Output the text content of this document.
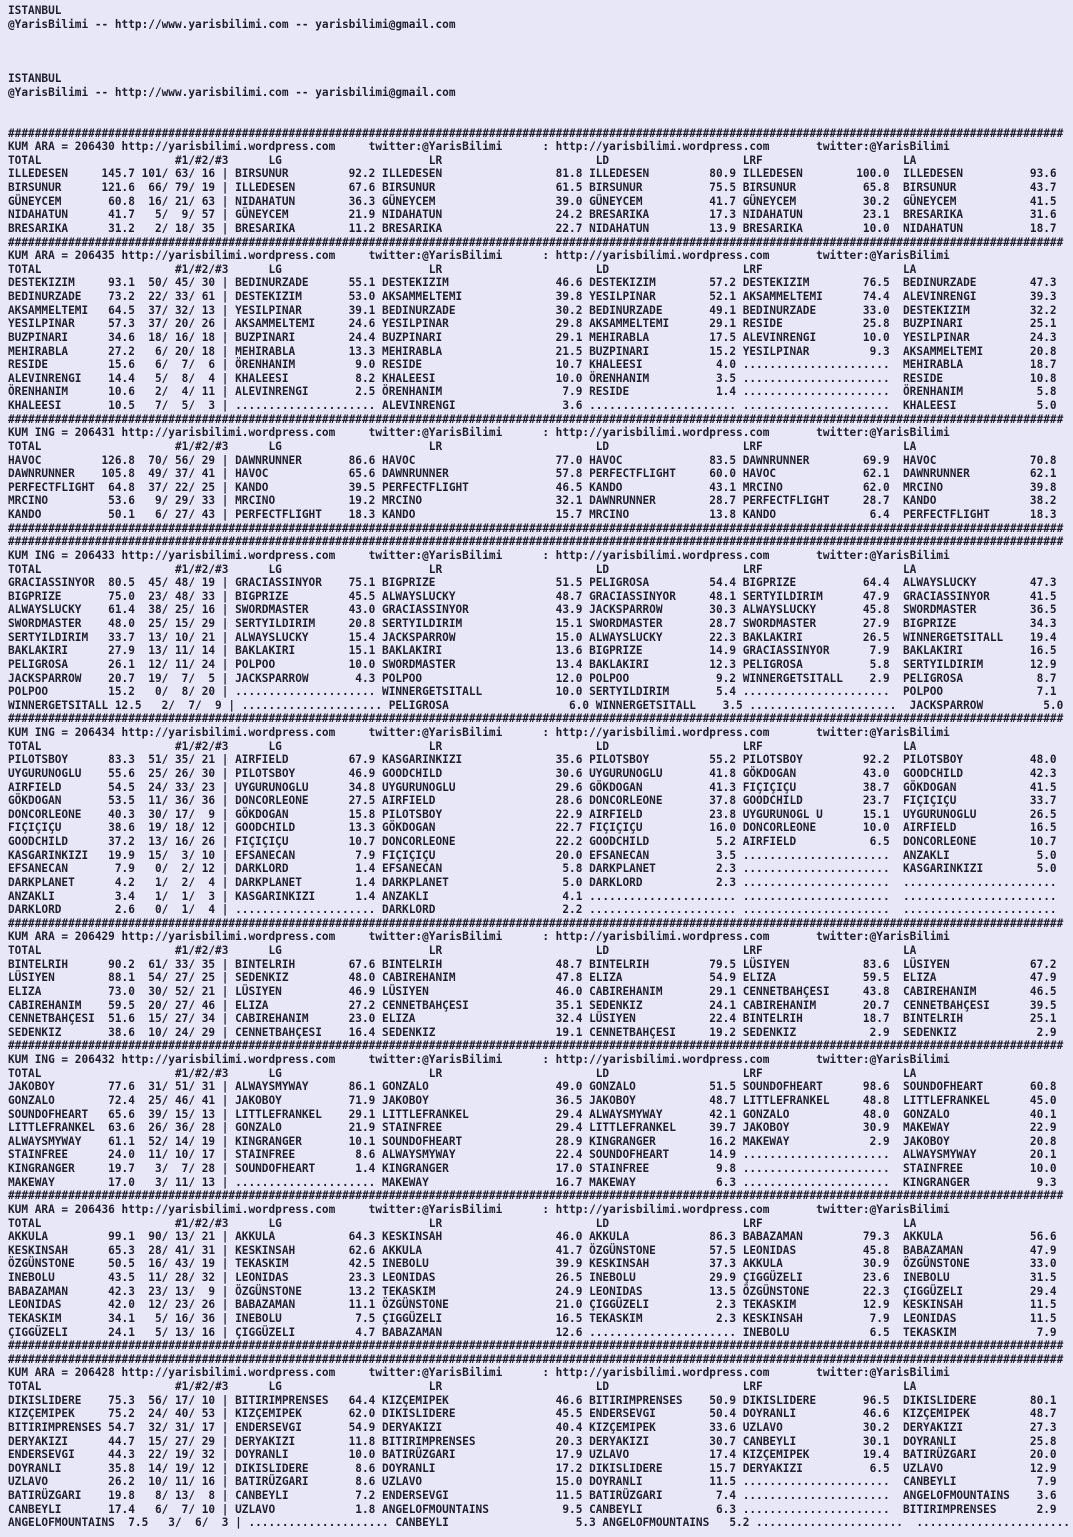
ISTANBUL
@YarisBilimi -- http://www.yarisbilimi.com -- yarisbilimi@gmail.com
ISTANBUL
@YarisBilimi -- http://www.yarisbilimi.com -- yarisbilimi@gmail.com
##############################################################################################################################################################
KUM ARA = 206430 http://yarisbilimi.wordpress.com     twitter:@YarisBilimi      : http://yarisbilimi.wordpress.com       twitter:@YarisBilimi
TOTAL                    #1/#2/#3      LG                      LR                       LD                    LRF                     LA
ILLEDESEN     145.7 101/ 63/ 16 | BIRSUNUR         92.2 ILLEDESEN                 81.8 ILLEDESEN         80.9 ILLEDESEN        100.0  ILLEDESEN          93.6
BIRSUNUR      121.6  66/ 79/ 19 | ILLEDESEN        67.6 BIRSUNUR                  61.5 BIRSUNUR          75.5 BIRSUNUR          65.8  BIRSUNUR           43.7
GÜNEYCEM       60.8  16/ 21/ 63 | NIDAHATUN        36.3 GÜNEYCEM                  39.0 GÜNEYCEM          41.7 GÜNEYCEM          30.2  GÜNEYCEM           41.5
NIDAHATUN      41.7   5/  9/ 57 | GÜNEYCEM         21.9 NIDAHATUN                 24.2 BRESARIKA         17.3 NIDAHATUN         23.1  BRESARIKA          31.6
BRESARIKA      31.2   2/ 18/ 35 | BRESARIKA        11.2 BRESARIKA                 22.7 NIDAHATUN         13.9 BRESARIKA         10.0  NIDAHATUN          18.7
##############################################################################################################################################################
KUM ARA = 206435 http://yarisbilimi.wordpress.com     twitter:@YarisBilimi      : http://yarisbilimi.wordpress.com       twitter:@YarisBilimi
TOTAL                    #1/#2/#3      LG                      LR                       LD                    LRF                     LA
DESTEKIZIM     93.1  50/ 45/ 30 | BEDINURZADE      55.1 DESTEKIZIM                46.6 DESTEKIZIM        57.2 DESTEKIZIM        76.5  BEDINURZADE        47.3
BEDINURZADE    73.2  22/ 33/ 61 | DESTEKIZIM       53.0 AKSAMMELTEMI              39.8 YESILPINAR        52.1 AKSAMMELTEMI      74.4  ALEVINRENGI        39.3
AKSAMMELTEMI   64.5  37/ 32/ 13 | YESILPINAR       39.1 BEDINURZADE               30.2 BEDINURZADE       49.1 BEDINURZADE       33.0  DESTEKIZIM         32.2
YESILPINAR     57.3  37/ 20/ 26 | AKSAMMELTEMI     24.6 YESILPINAR                29.8 AKSAMMELTEMI      29.1 RESIDE            25.8  BUZPINARI          25.1
BUZPINARI      34.6  18/ 16/ 18 | BUZPINARI        24.4 BUZPINARI                 29.1 MEHIRABLA         17.5 ALEVINRENGI       10.0  YESILPINAR         24.3
MEHIRABLA      27.2   6/ 20/ 18 | MEHIRABLA        13.3 MEHIRABLA                 21.5 BUZPINARI         15.2 YESILPINAR         9.3  AKSAMMELTEMI       20.8
RESIDE         15.6   6/  7/  6 | ÖRENHANIM         9.0 RESIDE                    10.7 KHALEESI           4.0 ......................  MEHIRABLA          18.7
ALEVINRENGI    14.4   5/  8/  4 | KHALEESI          8.2 KHALEESI                  10.0 ÖRENHANIM          3.5 ......................  RESIDE             10.8
ÖRENHANIM      10.6   2/  4/ 11 | ALEVINRENGI       2.5 ÖRENHANIM                  7.9 RESIDE             1.4 ......................  ÖRENHANIM           5.8
KHALEESI       10.5   7/  5/  3 | ..................... ALEVINRENGI                3.6 ...................... ......................  KHALEESI            5.0
##############################################################################################################################################################
KUM ING = 206431 http://yarisbilimi.wordpress.com     twitter:@YarisBilimi      : http://yarisbilimi.wordpress.com       twitter:@YarisBilimi
TOTAL                    #1/#2/#3      LG                      LR                       LD                    LRF                     LA
HAVOC         126.8  70/ 56/ 29 | DAWNRUNNER       86.6 HAVOC                     77.0 HAVOC             83.5 DAWNRUNNER        69.9  HAVOC              70.8
DAWNRUNNER    105.8  49/ 37/ 41 | HAVOC            65.6 DAWNRUNNER                57.8 PERFECTFLIGHT     60.0 HAVOC             62.1  DAWNRUNNER         62.1
PERFECTFLIGHT  64.8  37/ 22/ 25 | KANDO            39.5 PERFECTFLIGHT             46.5 KANDO             43.1 MRCINO            62.0  MRCINO             39.8
MRCINO         53.6   9/ 29/ 33 | MRCINO           19.2 MRCINO                    32.1 DAWNRUNNER        28.7 PERFECTFLIGHT     28.7  KANDO              38.2
KANDO          50.1   6/ 27/ 43 | PERFECTFLIGHT    18.3 KANDO                     15.7 MRCINO            13.8 KANDO              6.4  PERFECTFLIGHT      18.3
##############################################################################################################################################################
##############################################################################################################################################################
KUM ING = 206433 http://yarisbilimi.wordpress.com     twitter:@YarisBilimi      : http://yarisbilimi.wordpress.com       twitter:@YarisBilimi
TOTAL                    #1/#2/#3      LG                      LR                       LD                    LRF                     LA
GRACIASSINYOR  80.5  45/ 48/ 19 | GRACIASSINYOR    75.1 BIGPRIZE                  51.5 PELIGROSA         54.4 BIGPRIZE          64.4  ALWAYSLUCKY        47.3
BIGPRIZE       75.0  23/ 48/ 33 | BIGPRIZE         45.5 ALWAYSLUCKY               48.7 GRACIASSINYOR     48.1 SERTYILDIRIM      47.9  GRACIASSINYOR      41.5
ALWAYSLUCKY    61.4  38/ 25/ 16 | SWORDMASTER      43.0 GRACIASSINYOR             43.9 JACKSPARROW       30.3 ALWAYSLUCKY       45.8  SWORDMASTER        36.5
SWORDMASTER    48.0  25/ 15/ 29 | SERTYILDIRIM     20.8 SERTYILDIRIM              15.1 SWORDMASTER       28.7 SWORDMASTER       27.9  BIGPRIZE           34.3
SERTYILDIRIM   33.7  13/ 10/ 21 | ALWAYSLUCKY      15.4 JACKSPARROW               15.0 ALWAYSLUCKY       22.3 BAKLAKIRI         26.5  WINNERGETSITALL    19.4
BAKLAKIRI      27.9  13/ 11/ 14 | BAKLAKIRI        15.1 BAKLAKIRI                 13.6 BIGPRIZE          14.9 GRACIASSINYOR      7.9  BAKLAKIRI          16.5
PELIGROSA      26.1  12/ 11/ 24 | POLPOO           10.0 SWORDMASTER               13.4 BAKLAKIRI         12.3 PELIGROSA          5.8  SERTYILDIRIM       12.9
JACKSPARROW    20.7  19/  7/  5 | JACKSPARROW       4.3 POLPOO                    12.0 POLPOO             9.2 WINNERGETSITALL    2.9  PELIGROSA           8.7
POLPOO         15.2   0/  8/ 20 | ..................... WINNERGETSITALL           10.0 SERTYILDIRIM       5.4 ......................  POLPOO              7.1
WINNERGETSITALL 12.5   2/  7/  9 | ..................... PELIGROSA                  6.0 WINNERGETSITALL    3.5 ......................  JACKSPARROW         5.0
##############################################################################################################################################################
KUM ING = 206434 http://yarisbilimi.wordpress.com     twitter:@YarisBilimi      : http://yarisbilimi.wordpress.com       twitter:@YarisBilimi
TOTAL                    #1/#2/#3      LG                      LR                       LD                    LRF                     LA
PILOTSBOY      83.3  51/ 35/ 21 | AIRFIELD         67.9 KASGARINKIZI              35.6 PILOTSBOY         55.2 PILOTSBOY         92.2  PILOTSBOY          48.0
UYGURUNOGLU    55.6  25/ 26/ 30 | PILOTSBOY        46.9 GOODCHILD                 30.6 UYGURUNOGLU       41.8 GÖKDOGAN          43.0  GOODCHILD          42.3
AIRFIELD       54.5  24/ 33/ 23 | UYGURUNOGLU      34.8 UYGURUNOGLU               29.6 GÖKDOGAN          41.3 FIÇIÇIÇU          38.7  GÖKDOGAN           41.5
GÖKDOGAN       53.5  11/ 36/ 36 | DONCORLEONE      27.5 AIRFIELD                  28.6 DONCORLEONE       37.8 GOODCHILD         23.7  FIÇIÇIÇU           33.7
DONCORLEONE    40.3  30/ 17/  9 | GÖKDOGAN         15.8 PILOTSBOY                 22.9 AIRFIELD          23.8 UYGURUNOGL U      15.1  UYGURUNOGLU        26.5
FIÇIÇIÇU       38.6  19/ 18/ 12 | GOODCHILD        13.3 GÖKDOGAN                  22.7 FIÇIÇIÇU          16.0 DONCORLEONE       10.0  AIRFIELD           16.5
GOODCHILD      37.2  13/ 16/ 26 | FIÇIÇIÇU         10.7 DONCORLEONE               22.2 GOODCHILD          5.2 AIRFIELD           6.5  DONCORLEONE        10.7
KASGARINKIZI   19.9  15/  3/ 10 | EFSANECAN         7.9 FIÇIÇIÇU                  20.0 EFSANECAN          3.5 ......................  ANZAKLI             5.0
EFSANECAN       7.9   0/  2/ 12 | DARKLORD          1.4 EFSANECAN                  5.8 DARKPLANET         2.3 ......................  KASGARINKIZI        5.0
DARKPLANET      4.2   1/  2/  4 | DARKPLANET        1.4 DARKPLANET                 5.0 DARKLORD           2.3 ......................  .......................
ANZAKLI         3.4   1/  1/  3 | KASGARINKIZI      1.4 ANZAKLI                    4.1 ...................... ......................  .......................
DARKLORD        2.6   0/  1/  4 | ..................... DARKLORD                   2.2 ...................... ......................  .......................
##############################################################################################################################################################
KUM ARA = 206429 http://yarisbilimi.wordpress.com     twitter:@YarisBilimi      : http://yarisbilimi.wordpress.com       twitter:@YarisBilimi
TOTAL                    #1/#2/#3      LG                      LR                       LD                    LRF                     LA
BINTELRIH      90.2  61/ 33/ 35 | BINTELRIH        67.6 BINTELRIH                 48.7 BINTELRIH         79.5 LÜSIYEN           83.6  LÜSIYEN            67.2
LÜSIYEN        88.1  54/ 27/ 25 | SEDENKIZ         48.0 CABIREHANIM               47.8 ELIZA             54.9 ELIZA             59.5  ELIZA              47.9
ELIZA          73.0  30/ 52/ 21 | LÜSIYEN          46.9 LÜSIYEN                   46.0 CABIREHANIM       29.1 CENNETBAHÇESI     43.8  CABIREHANIM        46.5
CABIREHANIM    59.5  20/ 27/ 46 | ELIZA            27.2 CENNETBAHÇESI             35.1 SEDENKIZ          24.1 CABIREHANIM       20.7  CENNETBAHÇESI      39.5
CENNETBAHÇESI  51.6  15/ 27/ 34 | CABIREHANIM      23.0 ELIZA                     32.4 LÜSIYEN           22.4 BINTELRIH         18.7  BINTELRIH          25.1
SEDENKIZ       38.6  10/ 24/ 29 | CENNETBAHÇESI    16.4 SEDENKIZ                  19.1 CENNETBAHÇESI     19.2 SEDENKIZ           2.9  SEDENKIZ            2.9
##############################################################################################################################################################
KUM ING = 206432 http://yarisbilimi.wordpress.com     twitter:@YarisBilimi      : http://yarisbilimi.wordpress.com       twitter:@YarisBilimi
TOTAL                    #1/#2/#3      LG                      LR                       LD                    LRF                     LA
JAKOBOY        77.6  31/ 51/ 31 | ALWAYSMYWAY      86.1 GONZALO                   49.0 GONZALO           51.5 SOUNDOFHEART      98.6  SOUNDOFHEART       60.8
GONZALO        72.4  25/ 46/ 41 | JAKOBOY          71.9 JAKOBOY                   36.5 JAKOBOY           48.7 LITTLEFRANKEL     48.8  LITTLEFRANKEL      45.0
SOUNDOFHEART   65.6  39/ 15/ 13 | LITTLEFRANKEL    29.1 LITTLEFRANKEL             29.4 ALWAYSMYWAY       42.1 GONZALO           48.0  GONZALO            40.1
LITTLEFRANKEL  63.6  26/ 36/ 28 | GONZALO          21.9 STAINFREE                 29.4 LITTLEFRANKEL     39.7 JAKOBOY           30.9  MAKEWAY            22.9
ALWAYSMYWAY    61.1  52/ 14/ 19 | KINGRANGER       10.1 SOUNDOFHEART              28.9 KINGRANGER        16.2 MAKEWAY            2.9  JAKOBOY            20.8
STAINFREE      24.0  11/ 10/ 17 | STAINFREE         8.6 ALWAYSMYWAY               22.4 SOUNDOFHEART      14.9 ......................  ALWAYSMYWAY        20.1
KINGRANGER     19.7   3/  7/ 28 | SOUNDOFHEART      1.4 KINGRANGER                17.0 STAINFREE          9.8 ......................  STAINFREE          10.0
MAKEWAY        17.0   3/ 11/ 13 | ..................... MAKEWAY                   16.7 MAKEWAY            6.3 ......................  KINGRANGER          9.3
##############################################################################################################################################################
KUM ARA = 206436 http://yarisbilimi.wordpress.com     twitter:@YarisBilimi      : http://yarisbilimi.wordpress.com       twitter:@YarisBilimi
TOTAL                    #1/#2/#3      LG                      LR                       LD                    LRF                     LA
AKKULA         99.1  90/ 13/ 21 | AKKULA           64.3 KESKINSAH                 46.0 AKKULA            86.3 BABAZAMAN         79.3  AKKULA             56.6
KESKINSAH      65.3  28/ 41/ 31 | KESKINSAH        62.6 AKKULA                    41.7 ÖZGÜNSTONE        57.5 LEONIDAS          45.8  BABAZAMAN          47.9
ÖZGÜNSTONE     50.5  16/ 43/ 19 | TEKASKIM         42.5 INEBOLU                   39.9 KESKINSAH         37.3 AKKULA            30.9  ÖZGÜNSTONE         33.0
INEBOLU        43.5  11/ 28/ 32 | LEONIDAS         23.3 LEONIDAS                  26.5 INEBOLU           29.9 ÇIGGÜZELI         23.6  INEBOLU            31.5
BABAZAMAN      42.3  23/ 13/  9 | ÖZGÜNSTONE       13.2 TEKASKIM                  24.9 LEONIDAS          13.5 ÖZGÜNSTONE        22.3  ÇIGGÜZELI          29.4
LEONIDAS       42.0  12/ 23/ 26 | BABAZAMAN        11.1 ÖZGÜNSTONE                21.0 ÇIGGÜZELI          2.3 TEKASKIM          12.9  KESKINSAH          11.5
TEKASKIM       34.1   5/ 16/ 36 | INEBOLU           7.5 ÇIGGÜZELI                 16.5 TEKASKIM           2.3 KESKINSAH          7.9  LEONIDAS           11.5
ÇIGGÜZELI      24.1   5/ 13/ 16 | ÇIGGÜZELI         4.7 BABAZAMAN                 12.6 ...................... INEBOLU            6.5  TEKASKIM            7.9
##############################################################################################################################################################
##############################################################################################################################################################
KUM ARA = 206428 http://yarisbilimi.wordpress.com     twitter:@YarisBilimi      : http://yarisbilimi.wordpress.com       twitter:@YarisBilimi
TOTAL                    #1/#2/#3      LG                      LR                       LD                    LRF                     LA
DIKISLIDERE    75.3  56/ 17/ 10 | BITIRIMPRENSES   64.4 KIZÇEMIPEK                46.6 BITIRIMPRENSES    50.9 DIKISLIDERE       96.5  DIKISLIDERE        80.1
KIZÇEMIPEK     75.2  24/ 40/ 53 | KIZÇEMIPEK       62.0 DIKISLIDERE               45.5 ENDERSEVGI        50.4 DOYRANLI          46.6  KIZÇEMIPEK         48.7
BITIRIMPRENSES 54.7  32/ 31/ 17 | ENDERSEVGI       54.9 DERYAKIZI                 40.4 KIZÇEMIPEK        33.6 UZLAVO            30.2  DERYAKIZI          27.3
DERYAKIZI      44.7  15/ 27/ 29 | DERYAKIZI        11.8 BITIRIMPRENSES            20.3 DERYAKIZI         30.7 CANBEYLI          30.1  DOYRANLI           25.8
ENDERSEVGI     44.3  22/ 19/ 32 | DOYRANLI         10.0 BATIRÜZGARI               17.9 UZLAVO            17.4 KIZÇEMIPEK        19.4  BATIRÜZGARI        20.0
DOYRANLI       35.8  14/ 19/ 12 | DIKISLIDERE       8.6 DOYRANLI                  17.2 DIKISLIDERE       15.7 DERYAKIZI          6.5  UZLAVO             12.9
UZLAVO         26.2  10/ 11/ 16 | BATIRÜZGARI       8.6 UZLAVO                    15.0 DOYRANLI          11.5 ......................  CANBEYLI            7.9
BATIRÜZGARI    19.8   8/ 13/  8 | CANBEYLI          7.2 ENDERSEVGI                11.5 BATIRÜZGARI        7.4 ......................  ANGELOFMOUNTAINS    3.6
CANBEYLI       17.4   6/  7/ 10 | UZLAVO            1.8 ANGELOFMOUNTAINS           9.5 CANBEYLI           6.3 ......................  BITIRIMPRENSES      2.9
ANGELOFMOUNTAINS  7.5   3/  6/  3 | ..................... CANBEYLI                   5.3 ANGELOFMOUNTAINS   5.2 ......................  .......................
